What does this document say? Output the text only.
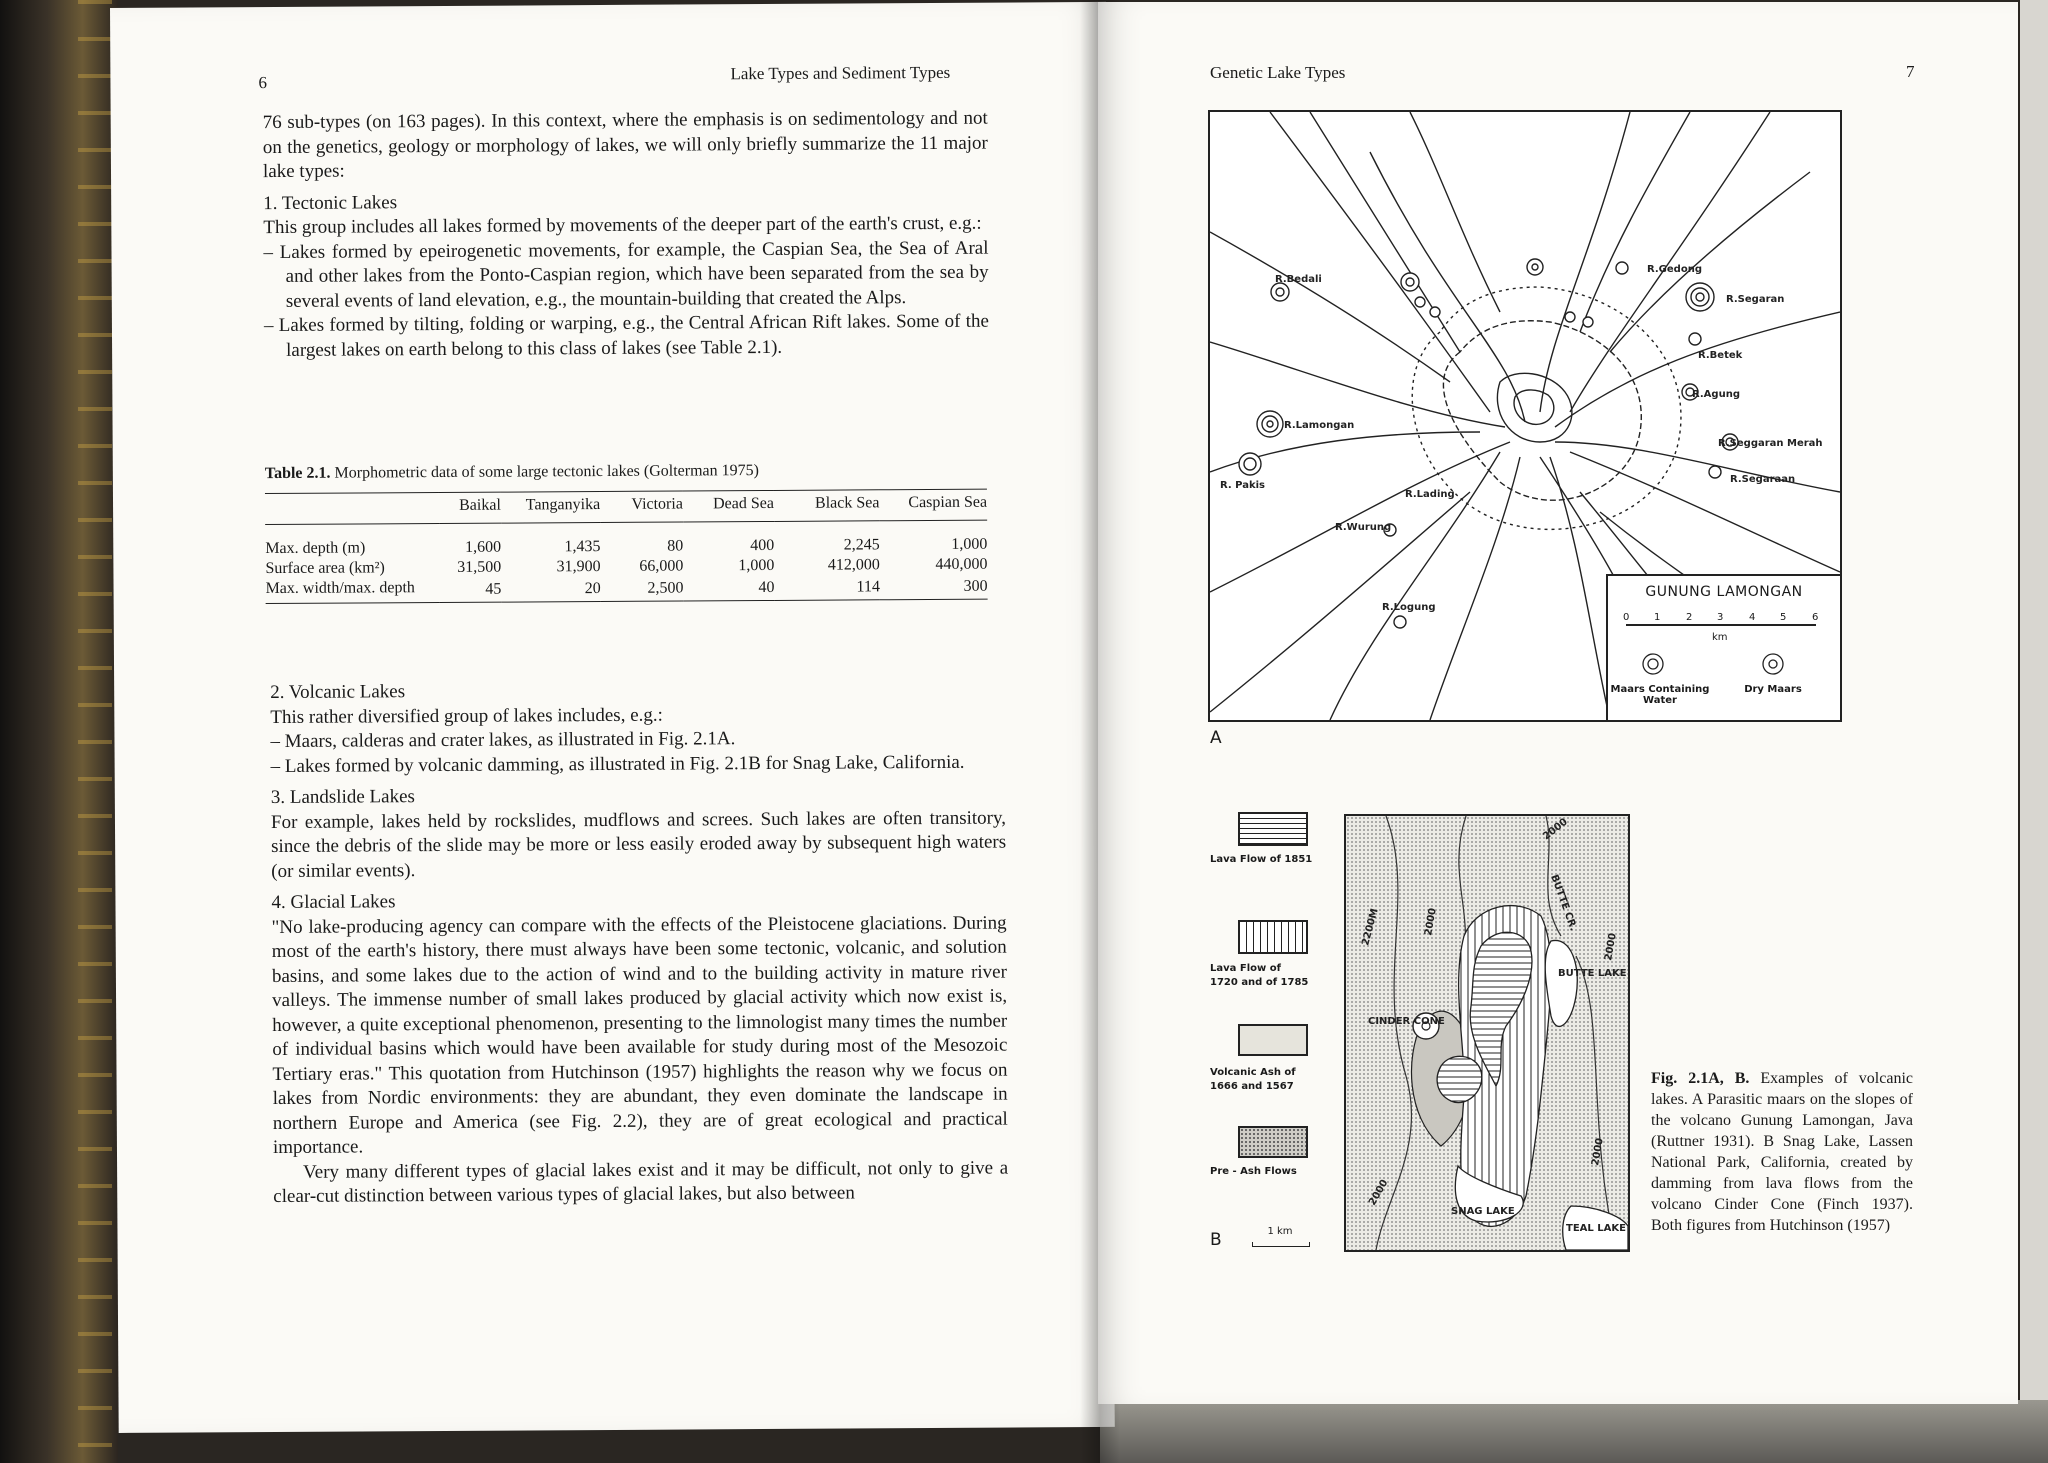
6	Lake Types and Sediment Types

76 sub-types (on 163 pages). In this context, where the emphasis is on sedimentology and not on the genetics, geology or morphology of lakes, we will only briefly summarize the 11 major lake types:

1. Tectonic Lakes

This group includes all lakes formed by movements of the deeper part of the earth's crust, e.g.:

– Lakes formed by epeirogenetic movements, for example, the Caspian Sea, the Sea of Aral and other lakes from the Ponto-Caspian region, which have been separated from the sea by several events of land elevation, e.g., the mountain-building that created the Alps.

– Lakes formed by tilting, folding or warping, e.g., the Central African Rift lakes. Some of the largest lakes on earth belong to this class of lakes (see Table 2.1).

Table 2.1. Morphometric data of some large tectonic lakes (Golterman 1975)
	Baikal	Tanganyika	Victoria	Dead Sea	Black Sea	Caspian Sea

Max. depth (m)	1,600	1,435	80	400	2,245	1,000
Surface area (km²)	31,500	31,900	66,000	1,000	412,000	440,000
Max. width/max. depth	45	20	2,500	40	114	300

2. Volcanic Lakes

This rather diversified group of lakes includes, e.g.:

– Maars, calderas and crater lakes, as illustrated in Fig. 2.1A.

– Lakes formed by volcanic damming, as illustrated in Fig. 2.1B for Snag Lake, California.

3. Landslide Lakes

For example, lakes held by rockslides, mudflows and screes. Such lakes are often transitory, since the debris of the slide may be more or less easily eroded away by subsequent high waters (or similar events).

4. Glacial Lakes

"No lake-producing agency can compare with the effects of the Pleistocene glaciations. During most of the earth's history, there must always have been some tectonic, volcanic, and solution basins, and some lakes due to the action of wind and to the building activity in mature river valleys. The immense number of small lakes produced by glacial activity which now exist is, however, a quite exceptional phenomenon, presenting to the limnologist many times the number of individual basins which would have been available for study during most of the Mesozoic Tertiary eras." This quotation from Hutchinson (1957) highlights the reason why we focus on lakes from Nordic environments: they are abundant, they even dominate the landscape in northern Europe and America (see Fig. 2.2), they are of great ecological and practical importance.

Very many different types of glacial lakes exist and it may be difficult, not only to give a clear-cut distinction between various types of glacial lakes, but also between

Genetic Lake Types	7
R.Bedali
R.Gedong
R.Segaran
R.Betek
R.Agung
R.Lamongan
R.Seggaran Merah
R.Segaraan
R. Pakis
R.Lading
R.Wurung
R.Logung
GUNUNG LAMONGAN
0 1	2 3	4 5	6
km
Maars Containing Water
Dry Maars
A
Lava Flow of 1851
Lava Flow of 1720 and of 1785
Volcanic Ash of 1666 and 1567
Pre - Ash Flows
B	1 km
2000
BUTTE CR.
2200M	2000
2000
BUTTE LAKE
CINDER CONE
2000
2000
SNAG LAKE
TEAL LAKE
Fig. 2.1A, B. Examples of volcanic lakes. A Parasitic maars on the slopes of the volcano Gunung Lamongan, Java (Ruttner 1931). B Snag Lake, Lassen National Park, California, created by damming from lava flows from the volcano Cinder Cone (Finch 1937). Both figures from Hutchinson (1957)
